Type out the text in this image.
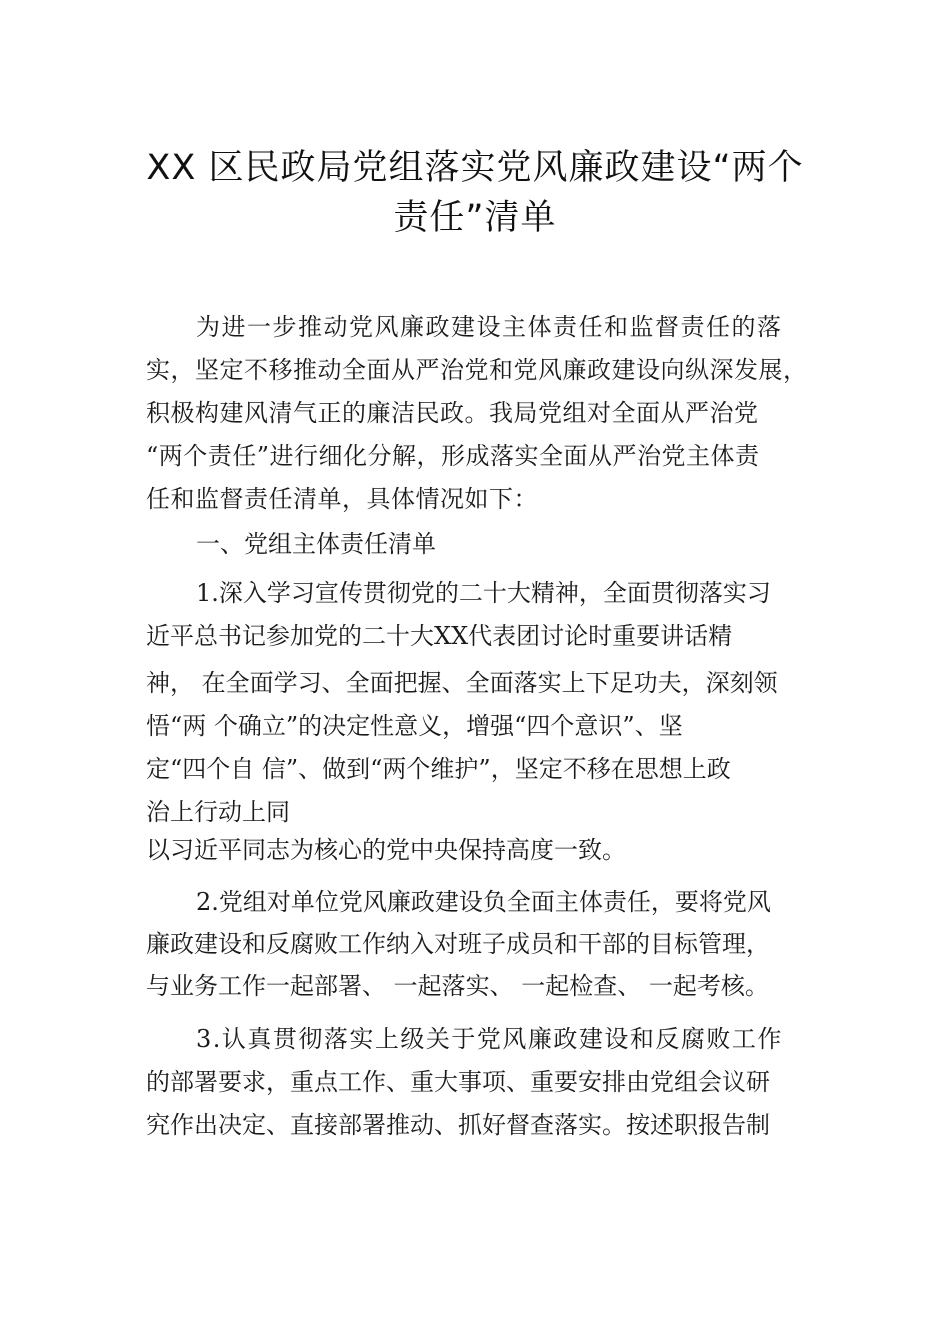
XX 区民政局党组落实党风廉政建设“两个
责任”清单
为进一步推动党风廉政建设主体责任和监督责任的落
实，坚定不移推动全面从严治党和党风廉政建设向纵深发展，
积极构建风清气正的廉洁民政。我局党组对全面从严治党
“两个责任”进行细化分解，形成落实全面从严治党主体责
任和监督责任清单，具体情况如下：
一、党组主体责任清单
1.深入学习宣传贯彻党的二十大精神，全面贯彻落实习
近平总书记参加党的二十大XX代表团讨论时重要讲话精
神， 在全面学习、全面把握、全面落实上下足功夫，深刻领
悟“两 个确立”的决定性意义，增强“四个意识”、坚
定“四个自 信”、做到“两个维护”，坚定不移在思想上政
治上行动上同
以习近平同志为核心的党中央保持高度一致。
2.党组对单位党风廉政建设负全面主体责任，要将党风
廉政建设和反腐败工作纳入对班子成员和干部的目标管理，
与业务工作一起部署、 一起落实、 一起检查、 一起考核。
3.认真贯彻落实上级关于党风廉政建设和反腐败工作
的部署要求，重点工作、重大事项、重要安排由党组会议研
究作出决定、直接部署推动、抓好督查落实。按述职报告制
